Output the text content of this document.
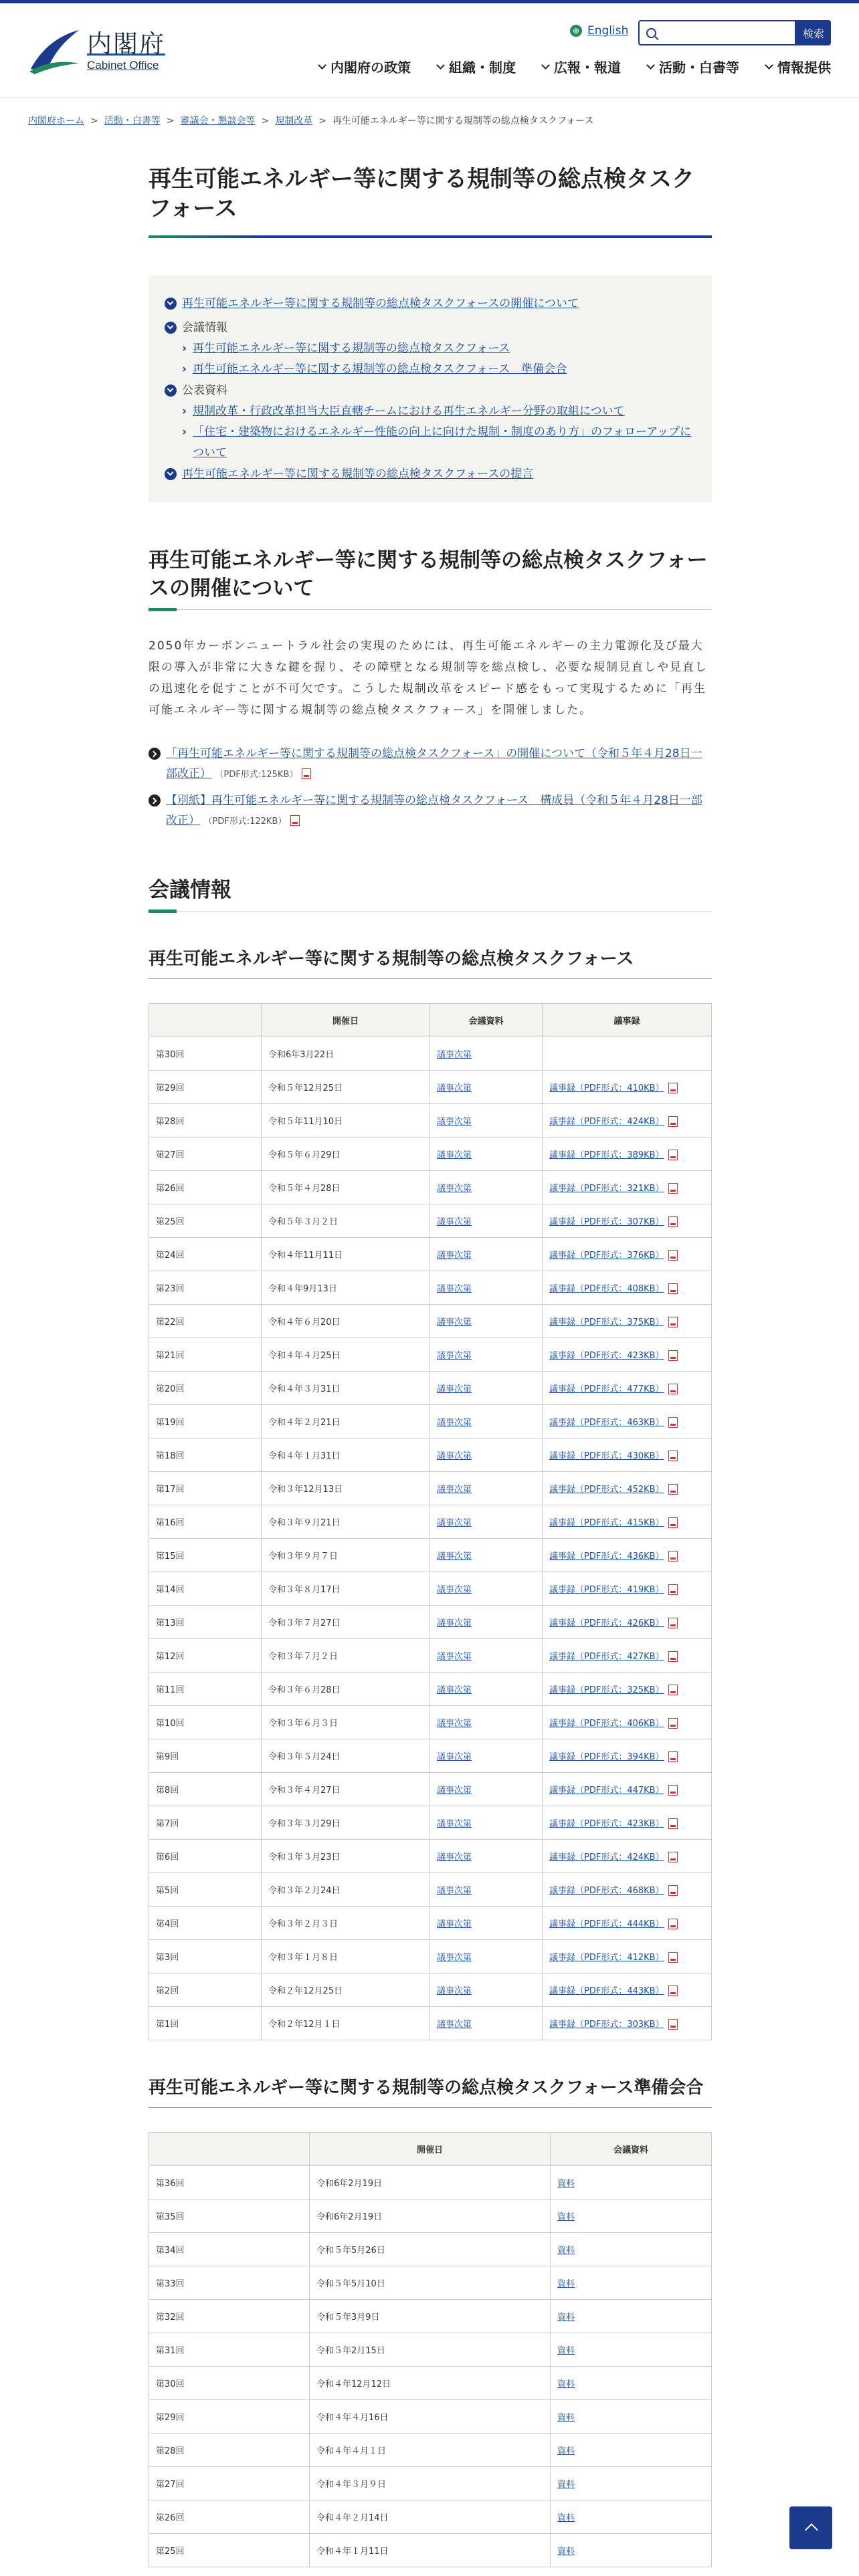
内閣府
Cabinet Office
⊕ English	検索
内閣府の政策	組織・制度	広報・報道	活動・白書等	情報提供
内閣府ホーム > 活動・白書等 > 審議会・懇談会等 > 規制改革 > 再生可能エネルギー等に関する規制等の総点検タスクフォース
再生可能エネルギー等に関する規制等の総点検タスクフォース
再生可能エネルギー等に関する規制等の総点検タスクフォースの開催について
会議情報
› 再生可能エネルギー等に関する規制等の総点検タスクフォース
› 再生可能エネルギー等に関する規制等の総点検タスクフォース　準備会合
公表資料
› 規制改革・行政改革担当大臣直轄チームにおける再生エネルギー分野の取組について
› 「住宅・建築物におけるエネルギー性能の向上に向けた規制・制度のあり方」のフォローアップについて
再生可能エネルギー等に関する規制等の総点検タスクフォースの提言
再生可能エネルギー等に関する規制等の総点検タスクフォースの開催について

2050年カーボンニュートラル社会の実現のためには、再生可能エネルギーの主力電源化及び最大限の導入が非常に大きな鍵を握り、その障壁となる規制等を総点検し、必要な規制見直しや見直しの迅速化を促すことが不可欠です。こうした規制改革をスピード感をもって実現するために「再生可能エネルギー等に関する規制等の総点検タスクフォース」を開催しました。

「再生可能エネルギー等に関する規制等の総点検タスクフォース」の開催について（令和５年４月28日一部改正） （PDF形式:125KB）
【別紙】再生可能エネルギー等に関する規制等の総点検タスクフォース　構成員（令和５年４月28日一部改正） （PDF形式:122KB）
会議情報
再生可能エネルギー等に関する規制等の総点検タスクフォース
	開催日	会議資料	議事録
第30回	令和6年3月22日	議事次第	
第29回	令和５年12月25日	議事次第	議事録（PDF形式：410KB）
第28回	令和５年11月10日	議事次第	議事録（PDF形式：424KB）
第27回	令和５年６月29日	議事次第	議事録（PDF形式：389KB）
第26回	令和５年４月28日	議事次第	議事録（PDF形式：321KB）
第25回	令和５年３月２日	議事次第	議事録（PDF形式：307KB）
第24回	令和４年11月11日	議事次第	議事録（PDF形式：376KB）
第23回	令和４年9月13日	議事次第	議事録（PDF形式：408KB）
第22回	令和４年６月20日	議事次第	議事録（PDF形式：375KB）
第21回	令和４年４月25日	議事次第	議事録（PDF形式：423KB）
第20回	令和４年３月31日	議事次第	議事録（PDF形式：477KB）
第19回	令和４年２月21日	議事次第	議事録（PDF形式：463KB）
第18回	令和４年１月31日	議事次第	議事録（PDF形式：430KB）
第17回	令和３年12月13日	議事次第	議事録（PDF形式：452KB）
第16回	令和３年９月21日	議事次第	議事録（PDF形式：415KB）
第15回	令和３年９月７日	議事次第	議事録（PDF形式：436KB）
第14回	令和３年８月17日	議事次第	議事録（PDF形式：419KB）
第13回	令和３年７月27日	議事次第	議事録（PDF形式：426KB）
第12回	令和３年７月２日	議事次第	議事録（PDF形式：427KB）
第11回	令和３年６月28日	議事次第	議事録（PDF形式：325KB）
第10回	令和３年６月３日	議事次第	議事録（PDF形式：406KB）
第9回	令和３年５月24日	議事次第	議事録（PDF形式：394KB）
第8回	令和３年４月27日	議事次第	議事録（PDF形式：447KB）
第7回	令和３年３月29日	議事次第	議事録（PDF形式：423KB）
第6回	令和３年３月23日	議事次第	議事録（PDF形式：424KB）
第5回	令和３年２月24日	議事次第	議事録（PDF形式：468KB）
第4回	令和３年２月３日	議事次第	議事録（PDF形式：444KB）
第3回	令和３年１月８日	議事次第	議事録（PDF形式：412KB）
第2回	令和２年12月25日	議事次第	議事録（PDF形式：443KB）
第1回	令和２年12月１日	議事次第	議事録（PDF形式：303KB）
再生可能エネルギー等に関する規制等の総点検タスクフォース準備会合
	開催日	会議資料
第36回	令和6年2月19日	資料
第35回	令和6年2月19日	資料
第34回	令和５年5月26日	資料
第33回	令和５年5月10日	資料
第32回	令和５年3月9日	資料
第31回	令和５年2月15日	資料
第30回	令和４年12月12日	資料
第29回	令和４年４月16日	資料
第28回	令和４年４月１日	資料
第27回	令和４年３月９日	資料
第26回	令和４年２月14日	資料
第25回	令和４年１月11日	資料
